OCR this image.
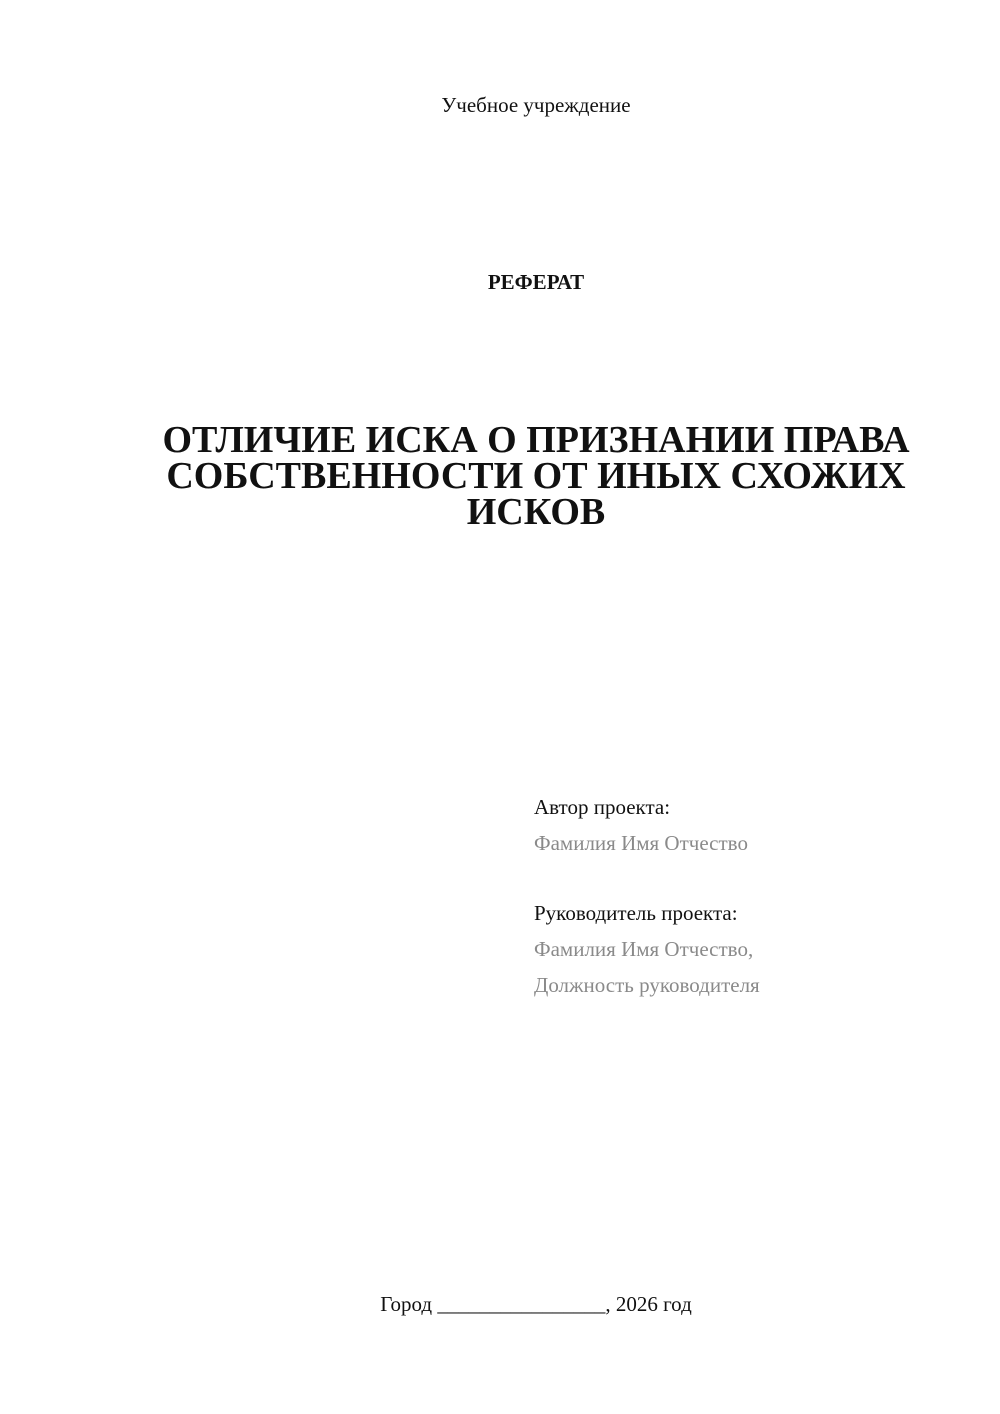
Учебное учреждение
РЕФЕРАТ
ОТЛИЧИЕ ИСКА О ПРИЗНАНИИ ПРАВА
СОБСТВЕННОСТИ ОТ ИНЫХ СХОЖИХ
ИСКОВ
Автор проекта:
Фамилия Имя Отчество
Руководитель проекта:
Фамилия Имя Отчество,
Должность руководителя
Город ________________, 2026 год
